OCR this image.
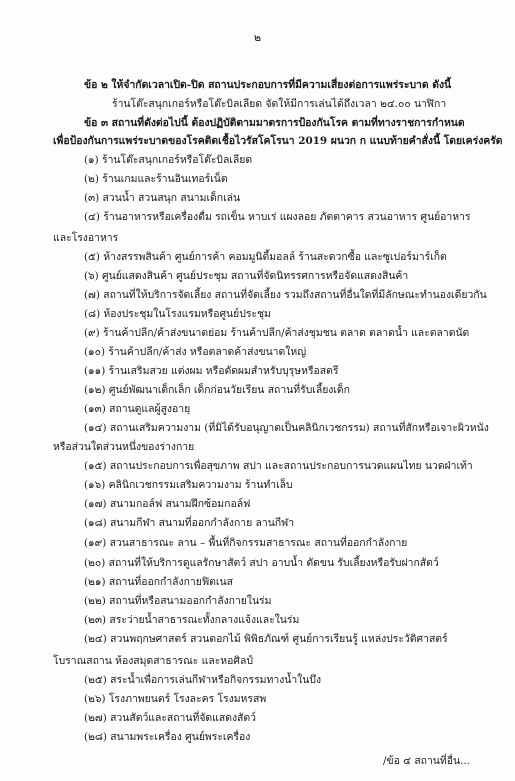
๒
ข้อ ๒ ให้จำกัดเวลาเปิด-ปิด สถานประกอบการที่มีความเสี่ยงต่อการแพร่ระบาด ดังนี้
ร้านโต๊ะสนุกเกอร์หรือโต๊ะบิลเลียด จัดให้มีการเล่นได้ถึงเวลา ๒๔.๐๐ นาฬิกา
ข้อ ๓ สถานที่ดังต่อไปนี้ ต้องปฏิบัติตามมาตรการป้องกันโรค ตามที่ทางราชการกำหนด
เพื่อป้องกันการแพร่ระบาดของโรคติดเชื้อไวรัสโคโรนา 2019 ผนวก ก แนบท้ายคำสั่งนี้ โดยเคร่งครัด
(๑) ร้านโต๊ะสนุกเกอร์หรือโต๊ะบิลเลียด
(๒) ร้านเกมและร้านอินเทอร์เน็ต
(๓) สวนน้ำ สวนสนุก สนามเด็กเล่น
(๔) ร้านอาหารหรือเครื่องดื่ม รถเข็น หาบเร่ แผงลอย ภัตตาคาร สวนอาหาร ศูนย์อาหาร
และโรงอาหาร
(๕) ห้างสรรพสินค้า ศูนย์การค้า คอมมูนิตี้มอลล์ ร้านสะดวกซื้อ และซูเปอร์มาร์เก็ต
(๖) ศูนย์แสดงสินค้า ศูนย์ประชุม สถานที่จัดนิทรรศการหรือจัดแสดงสินค้า
(๗) สถานที่ให้บริการจัดเลี้ยง สถานที่จัดเลี้ยง รวมถึงสถานที่อื่นใดที่มีลักษณะทำนองเดียวกัน
(๘) ห้องประชุมในโรงแรมหรือศูนย์ประชุม
(๙) ร้านค้าปลีก/ค้าส่งขนาดย่อม ร้านค้าปลีก/ค้าส่งชุมชน ตลาด ตลาดน้ำ และตลาดนัด
(๑๐) ร้านค้าปลีก/ค้าส่ง หรือตลาดค้าส่งขนาดใหญ่
(๑๑) ร้านเสริมสวย แต่งผม หรือตัดผมสำหรับบุรุษหรือสตรี
(๑๒) ศูนย์พัฒนาเด็กเล็ก เด็กก่อนวัยเรียน สถานที่รับเลี้ยงเด็ก
(๑๓) สถานดูแลผู้สูงอายุ
(๑๔) สถานเสริมความงาม (ที่มิได้รับอนุญาตเป็นคลินิกเวชกรรม) สถานที่สักหรือเจาะผิวหนัง
หรือส่วนใดส่วนหนึ่งของร่างกาย
(๑๕) สถานประกอบการเพื่อสุขภาพ สปา และสถานประกอบการนวดแผนไทย นวดฝ่าเท้า
(๑๖) คลินิกเวชกรรมเสริมความงาม ร้านทำเล็บ
(๑๗) สนามกอล์ฟ สนามฝึกซ้อมกอล์ฟ
(๑๘) สนามกีฬา สนามที่ออกกำลังกาย ลานกีฬา
(๑๙) สวนสาธารณะ ลาน – พื้นที่กิจกรรมสาธารณะ สถานที่ออกกำลังกาย
(๒๐) สถานที่ให้บริการดูแลรักษาสัตว์ สปา อาบน้ำ ตัดขน รับเลี้ยงหรือรับฝากสัตว์
(๒๑) สถานที่ออกกำลังกายฟิตเนส
(๒๒) สถานที่หรือสนามออกกำลังกายในร่ม
(๒๓) สระว่ายน้ำสาธารณะทั้งกลางแจ้งและในร่ม
(๒๔) สวนพฤกษศาสตร์ สวนดอกไม้ พิพิธภัณฑ์ ศูนย์การเรียนรู้ แหล่งประวัติศาสตร์
โบราณสถาน ห้องสมุดสาธารณะ และหอศิลป์
(๒๕) สระน้ำเพื่อการเล่นกีฬาหรือกิจกรรมทางน้ำในบึง
(๒๖) โรงภาพยนตร์ โรงละคร โรงมหรสพ
(๒๗) สวนสัตว์และสถานที่จัดแสดงสัตว์
(๒๘) สนามพระเครื่อง ศูนย์พระเครื่อง
/ข้อ ๔ สถานที่อื่น...
